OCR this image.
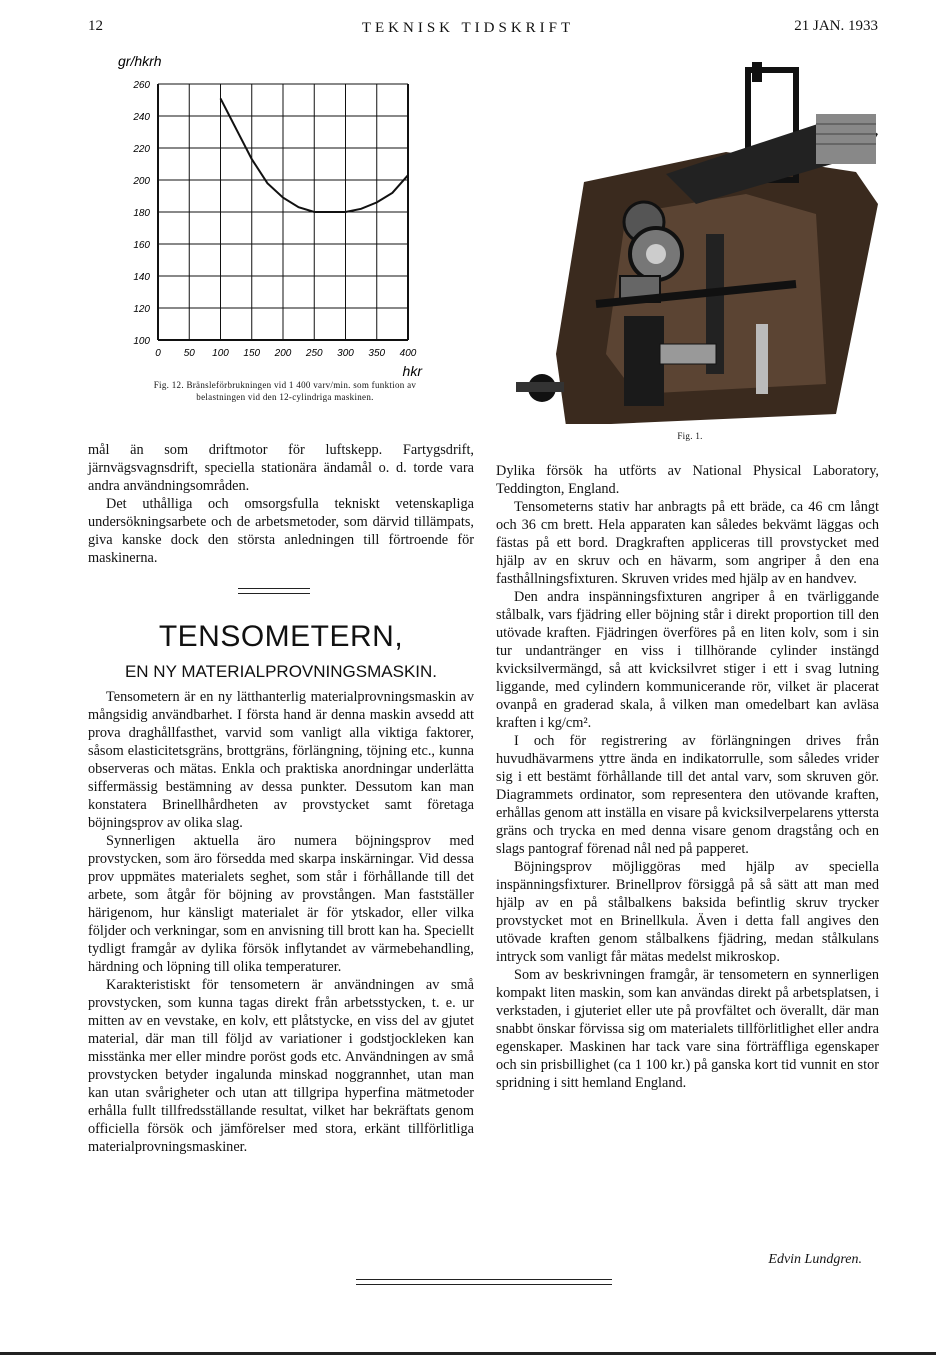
12	TEKNISK TIDSKRIFT	21 JAN. 1933
gr/hkrh
260
240
220
200
180
160
140
120
100
0 50 100 150 200 250 300 350 400
hkr
Fig. 12. Bränsleförbrukningen vid 1 400 varv/min. som funktion av belastningen vid den 12-cylindriga maskinen.
Fig. 1.

mål än som driftmotor för luftskepp. Fartygsdrift, järnvägsvagnsdrift, speciella stationära ändamål o. d. torde vara andra användningsområden.

Det uthålliga och omsorgsfulla tekniskt vetenskapliga undersökningsarbete och de arbetsmetoder, som därvid tillämpats, giva kanske dock den största anledningen till förtroende för maskinerna.

TENSOMETERN,
EN NY MATERIALPROVNINGSMASKIN.

Tensometern är en ny lätthanterlig materialprovningsmaskin av mångsidig användbarhet. I första hand är denna maskin avsedd att prova draghållfasthet, varvid som vanligt alla viktiga faktorer, såsom elasticitetsgräns, brottgräns, förlängning, töjning etc., kunna observeras och mätas. Enkla och praktiska anordningar underlätta siffermässig bestämning av dessa punkter. Dessutom kan man konstatera Brinellhårdheten av provstycket samt företaga böjningsprov av olika slag.

Synnerligen aktuella äro numera böjningsprov med provstycken, som äro försedda med skarpa inskärningar. Vid dessa prov uppmätes materialets seghet, som står i förhållande till det arbete, som åtgår för böjning av provstången. Man fastställer härigenom, hur känsligt materialet är för ytskador, eller vilka följder och verkningar, som en anvisning till brott kan ha. Speciellt tydligt framgår av dylika försök inflytandet av värmebehandling, härdning och löpning till olika temperaturer.

Karakteristiskt för tensometern är användningen av små provstycken, som kunna tagas direkt från arbetsstycken, t. e. ur mitten av en vevstake, en kolv, ett plåtstycke, en viss del av gjutet material, där man till följd av variationer i godstjockleken kan misstänka mer eller mindre poröst gods etc. Användningen av små provstycken betyder ingalunda minskad noggrannhet, utan man kan utan svårigheter och utan att tillgripa hyperfina mätmetoder erhålla fullt tillfredsställande resultat, vilket har bekräftats genom officiella försök och jämförelser med stora, erkänt tillförlitliga materialprovningsmaskiner.

Dylika försök ha utförts av National Physical Laboratory, Teddington, England.

Tensometerns stativ har anbragts på ett bräde, ca 46 cm långt och 36 cm brett. Hela apparaten kan således bekvämt läggas och fästas på ett bord. Dragkraften appliceras till provstycket med hjälp av en skruv och en hävarm, som angriper å den ena fasthållningsfixturen. Skruven vrides med hjälp av en handvev.

Den andra inspänningsfixturen angriper å en tvärliggande stålbalk, vars fjädring eller böjning står i direkt proportion till den utövade kraften. Fjädringen överföres på en liten kolv, som i sin tur undantränger en viss i tillhörande cylinder instängd kvicksilvermängd, så att kvicksilvret stiger i ett i svag lutning liggande, med cylindern kommunicerande rör, vilket är placerat ovanpå en graderad skala, å vilken man omedelbart kan avläsa kraften i kg/cm².

I och för registrering av förlängningen drives från huvudhävarmens yttre ända en indikatorrulle, som således vrider sig i ett bestämt förhållande till det antal varv, som skruven gör. Diagrammets ordinator, som representera den utövande kraften, erhållas genom att inställa en visare på kvicksilverpelarens yttersta gräns och trycka en med denna visare genom dragstång och en slags pantograf förenad nål ned på papperet.

Böjningsprov möjliggöras med hjälp av speciella inspänningsfixturer. Brinellprov försiggå på så sätt att man med hjälp av en på stålbalkens baksida befintlig skruv trycker provstycket mot en Brinellkula. Även i detta fall angives den utövade kraften genom stålbalkens fjädring, medan stålkulans intryck som vanligt får mätas medelst mikroskop.

Som av beskrivningen framgår, är tensometern en synnerligen kompakt liten maskin, som kan användas direkt på arbetsplatsen, i verkstaden, i gjuteriet eller ute på provfältet och överallt, där man snabbt önskar förvissa sig om materialets tillförlitlighet eller andra egenskaper. Maskinen har tack vare sina förträffliga egenskaper och sin prisbillighet (ca 1 100 kr.) på ganska kort tid vunnit en stor spridning i sitt hemland England.

Edvin Lundgren.
